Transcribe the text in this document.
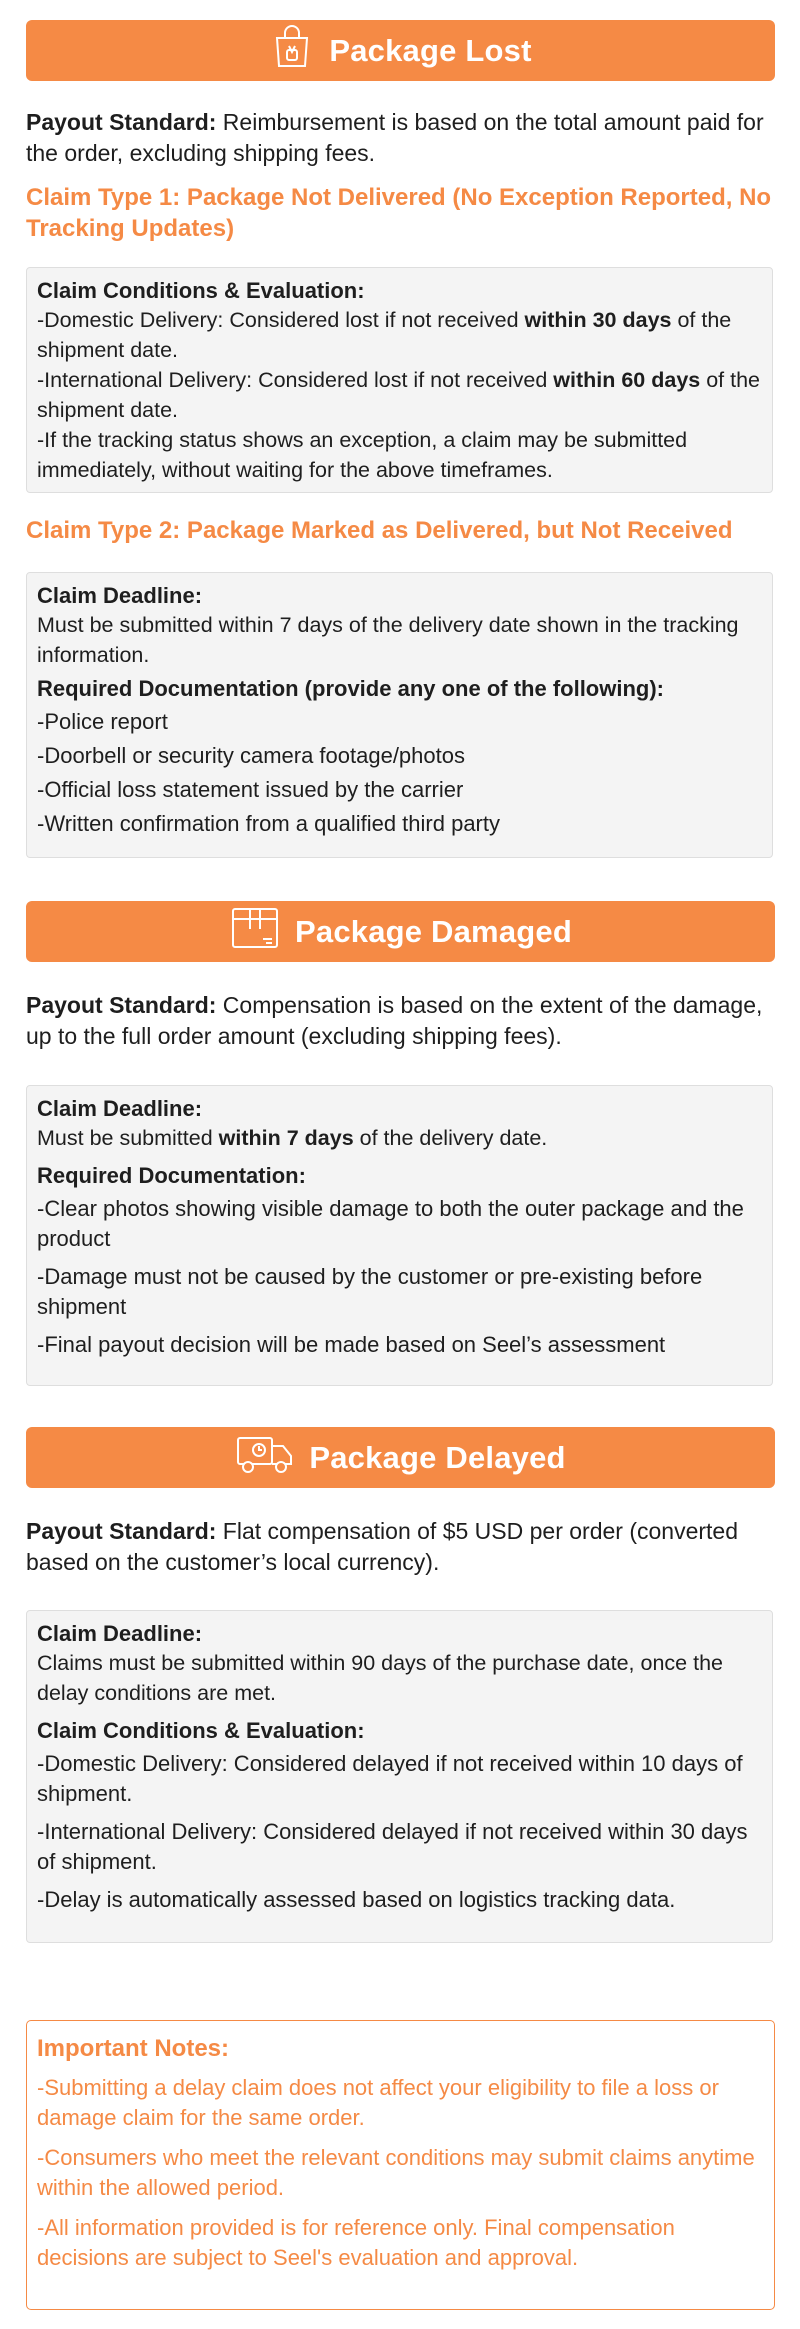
Package Lost
Payout Standard: Reimbursement is based on the total amount paid for the order, excluding shipping fees.
Claim Type 1: Package Not Delivered (No Exception Reported, No Tracking Updates)
Claim Conditions & Evaluation:
-Domestic Delivery: Considered lost if not received within 30 days of the shipment date.
-International Delivery: Considered lost if not received within 60 days of the shipment date.
-If the tracking status shows an exception, a claim may be submitted immediately, without waiting for the above timeframes.
Claim Type 2: Package Marked as Delivered, but Not Received
Claim Deadline:
Must be submitted within 7 days of the delivery date shown in the tracking information.
Required Documentation (provide any one of the following):
-Police report
-Doorbell or security camera footage/photos
-Official loss statement issued by the carrier
-Written confirmation from a qualified third party
Package Damaged
Payout Standard: Compensation is based on the extent of the damage, up to the full order amount (excluding shipping fees).
Claim Deadline:
Must be submitted within 7 days of the delivery date.
Required Documentation:
-Clear photos showing visible damage to both the outer package and the product
-Damage must not be caused by the customer or pre-existing before shipment
-Final payout decision will be made based on Seel’s assessment
Package Delayed
Payout Standard: Flat compensation of $5 USD per order (converted based on the customer’s local currency).
Claim Deadline:
Claims must be submitted within 90 days of the purchase date, once the delay conditions are met.
Claim Conditions & Evaluation:
-Domestic Delivery: Considered delayed if not received within 10 days of shipment.
-International Delivery: Considered delayed if not received within 30 days of shipment.
-Delay is automatically assessed based on logistics tracking data.
Important Notes:
-Submitting a delay claim does not affect your eligibility to file a loss or damage claim for the same order.
-Consumers who meet the relevant conditions may submit claims anytime within the allowed period.
-All information provided is for reference only. Final compensation decisions are subject to Seel's evaluation and approval.
